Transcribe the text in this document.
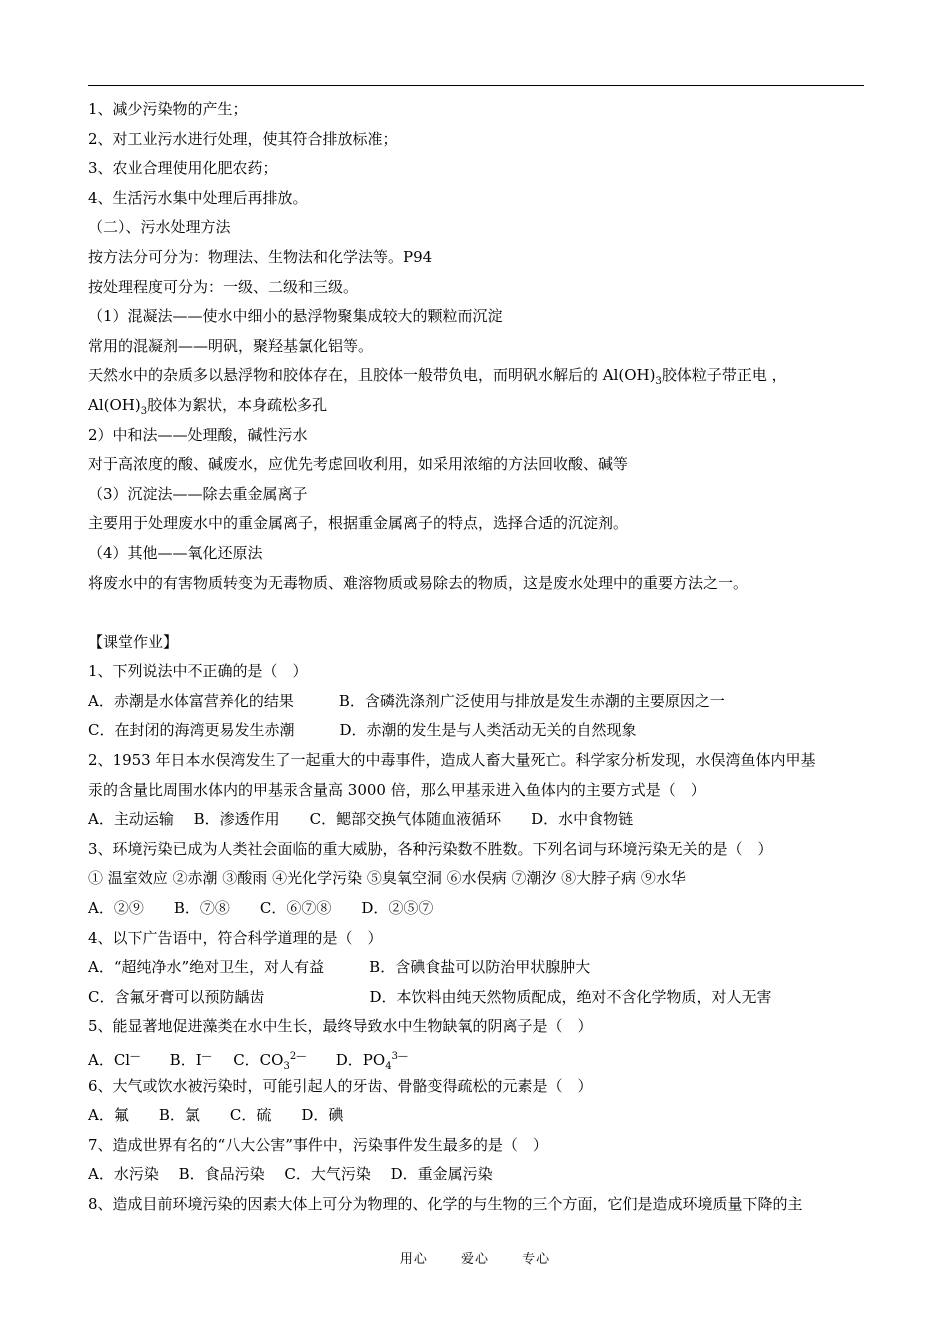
1、减少污染物的产生；
2、对工业污水进行处理，使其符合排放标准；
3、农业合理使用化肥农药；
4、生活污水集中处理后再排放。
（二）、污水处理方法
按方法分可分为：物理法、生物法和化学法等。P94
按处理程度可分为：一级、二级和三级。
（1）混凝法——使水中细小的悬浮物聚集成较大的颗粒而沉淀
常用的混凝剂——明矾，聚羟基氯化铝等。
天然水中的杂质多以悬浮物和胶体存在，且胶体一般带负电，而明矾水解后的 $Al(OH)_3$胶体粒子带正电 ，
$Al(OH)_3$胶体为絮状，本身疏松多孔
2）中和法——处理酸，碱性污水
对于高浓度的酸、碱废水，应优先考虑回收利用，如采用浓缩的方法回收酸、碱等
（3）沉淀法——除去重金属离子
主要用于处理废水中的重金属离子，根据重金属离子的特点，选择合适的沉淀剂。
（4）其他——氧化还原法
将废水中的有害物质转变为无毒物质、难溶物质或易除去的物质，这是废水处理中的重要方法之一。
【课堂作业】
1、下列说法中不正确的是（　）
A．赤潮是水体富营养化的结果　　　B．含磷洗涤剂广泛使用与排放是发生赤潮的主要原因之一
C．在封闭的海湾更易发生赤潮　　　D．赤潮的发生是与人类活动无关的自然现象
2、1953 年日本水俣湾发生了一起重大的中毒事件，造成人畜大量死亡。科学家分析发现，水俣湾鱼体内甲基
汞的含量比周围水体内的甲基汞含量高 3000 倍，那么甲基汞进入鱼体内的主要方式是（　）
A．主动运输　 B．渗透作用　　C．鳃部交换气体随血液循环　　D．水中食物链
3、环境污染已成为人类社会面临的重大威胁，各种污染数不胜数。下列名词与环境污染无关的是（　）
① 温室效应 ②赤潮 ③酸雨 ④光化学污染 ⑤臭氧空洞 ⑥水俣病 ⑦潮汐 ⑧大脖子病 ⑨水华
A．②⑨　　B．⑦⑧　　C．⑥⑦⑧　　D．②⑤⑦
4、以下广告语中，符合科学道理的是（　）
A．“超纯净水”绝对卫生，对人有益　　　B．含碘食盐可以防治甲状腺肿大
C．含氟牙膏可以预防龋齿　　　　　　　D．本饮料由纯天然物质配成，绝对不含化学物质，对人无害
5、能显著地促进藻类在水中生长，最终导致水中生物缺氧的阴离子是（　）
A．Cl— B．I— C．$CO_3^{2—}$ D．$PO_4^{3—}$
6、大气或饮水被污染时，可能引起人的牙齿、骨骼变得疏松的元素是（　）
A．氟　　B．氯　　C．硫　　D．碘
7、造成世界有名的“八大公害”事件中，污染事件发生最多的是（　）
A．水污染　 B．食品污染　 C．大气污染　 D．重金属污染
8、造成目前环境污染的因素大体上可分为物理的、化学的与生物的三个方面，它们是造成环境质量下降的主
用心	爱心	专心
